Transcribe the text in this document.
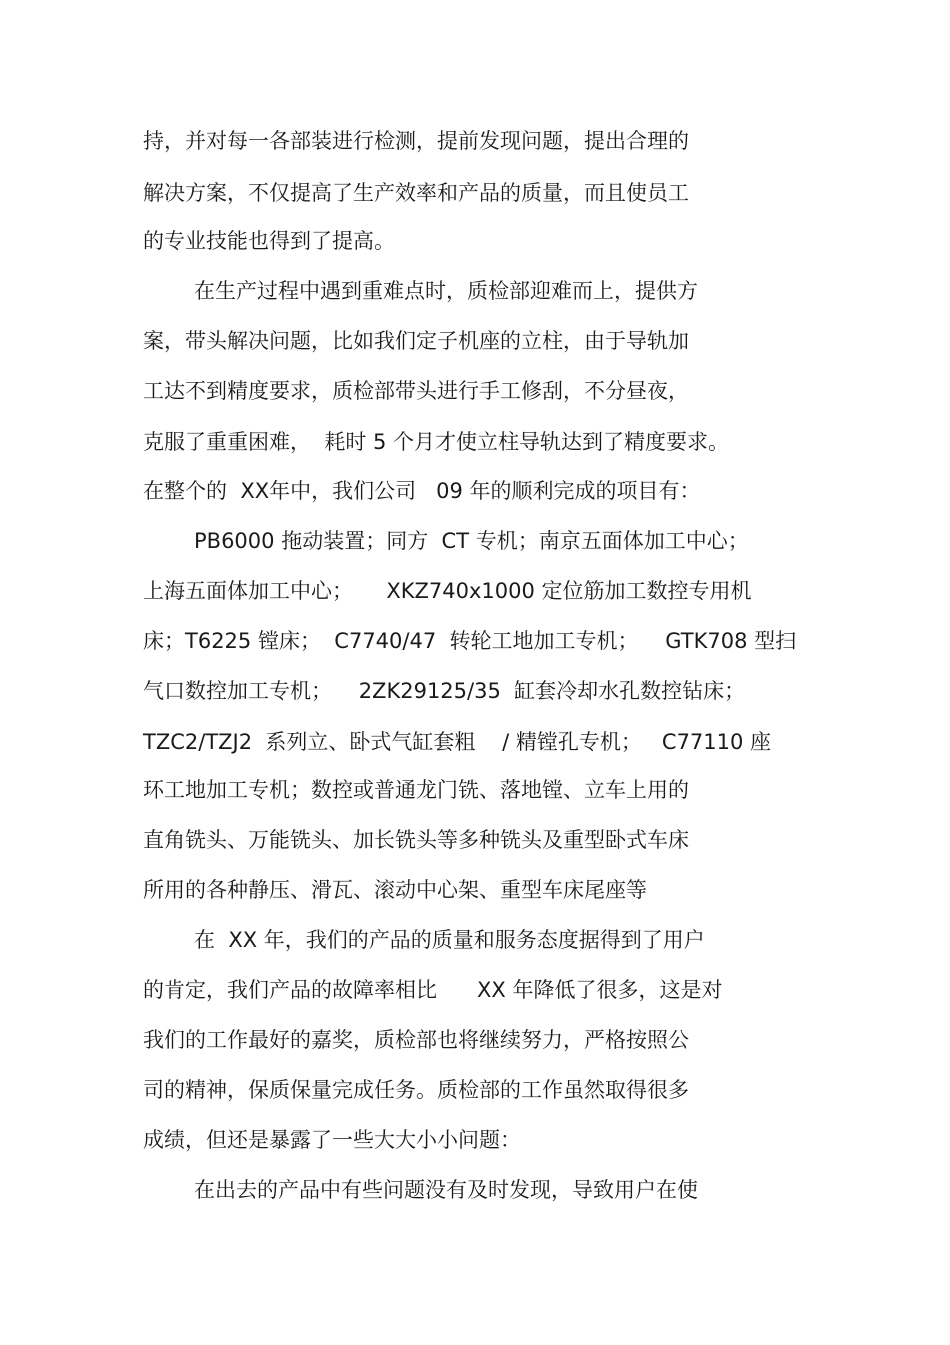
持，并对每一各部装进行检测，提前发现问题，提出合理的
解决方案，不仅提高了生产效率和产品的质量，而且使员工
的专业技能也得到了提高。
在生产过程中遇到重难点时，质检部迎难而上，提供方
案，带头解决问题，比如我们定子机座的立柱，由于导轨加
工达不到精度要求，质检部带头进行手工修刮，不分昼夜，
克服了重重困难，  耗时 5 个月才使立柱导轨达到了精度要求。
在整个的  XX年中，我们公司   09 年的顺利完成的项目有：
PB6000 拖动装置；同方  CT 专机；南京五面体加工中心；
上海五面体加工中心；     XKZ740x1000 定位筋加工数控专用机
床；T6225 镗床；  C7740/47  转轮工地加工专机；    GTK708 型扫
气口数控加工专机；    2ZK29125/35  缸套冷却水孔数控钻床；
TZC2/TZJ2  系列立、卧式气缸套粗    / 精镗孔专机；   C77110 座
环工地加工专机；数控或普通龙门铣、落地镗、立车上用的
直角铣头、万能铣头、加长铣头等多种铣头及重型卧式车床
所用的各种静压、滑瓦、滚动中心架、重型车床尾座等
在  XX 年，我们的产品的质量和服务态度据得到了用户
的肯定，我们产品的故障率相比      XX 年降低了很多，这是对
我们的工作最好的嘉奖，质检部也将继续努力，严格按照公
司的精神，保质保量完成任务。质检部的工作虽然取得很多
成绩，但还是暴露了一些大大小小问题：
在出去的产品中有些问题没有及时发现，导致用户在使
